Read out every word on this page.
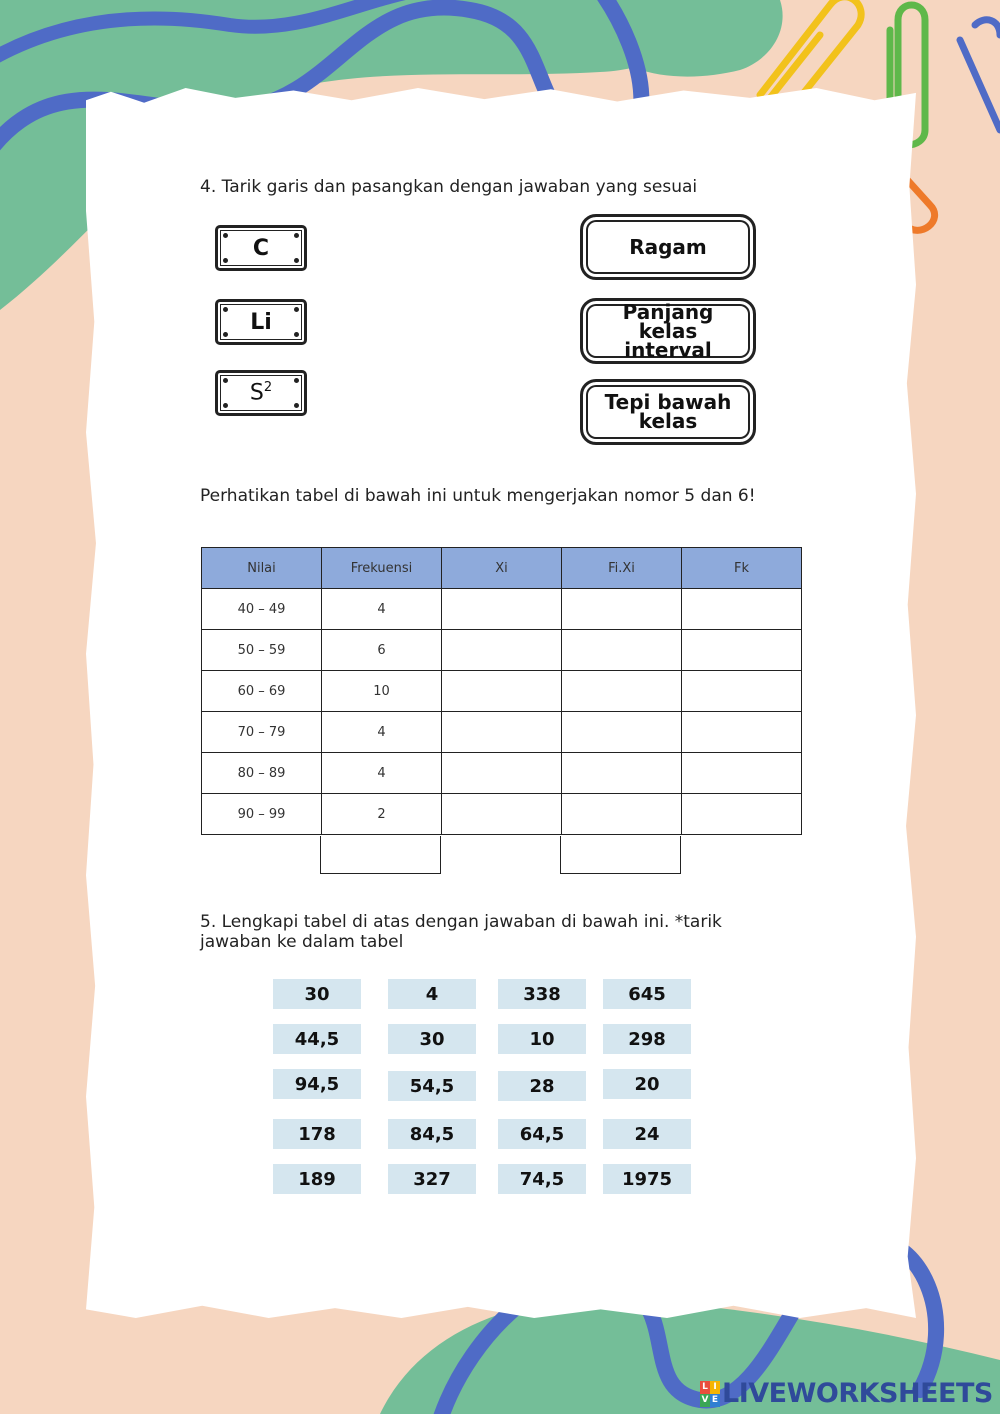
4. Tarik garis dan pasangkan dengan jawaban yang sesuai
C
Li
$S^2$
Ragam
Panjang kelas interval
Tepi bawah kelas
Perhatikan tabel di bawah ini untuk mengerjakan nomor 5 dan 6!
Nilai	Frekuensi	Xi	Fi.Xi	Fk
40 – 49	4			
50 – 59	6			
60 – 69	10			
70 – 79	4			
80 – 89	4			
90 – 99	2			
5. Lengkapi tabel di atas dengan jawaban di bawah ini. *tarik jawaban ke dalam tabel
30	4	338	645
44,5	30	10	298
94,5	54,5	28	20
178	84,5	64,5	24
189	327	74,5	1975
L I
V E LIVEWORKSHEETS
